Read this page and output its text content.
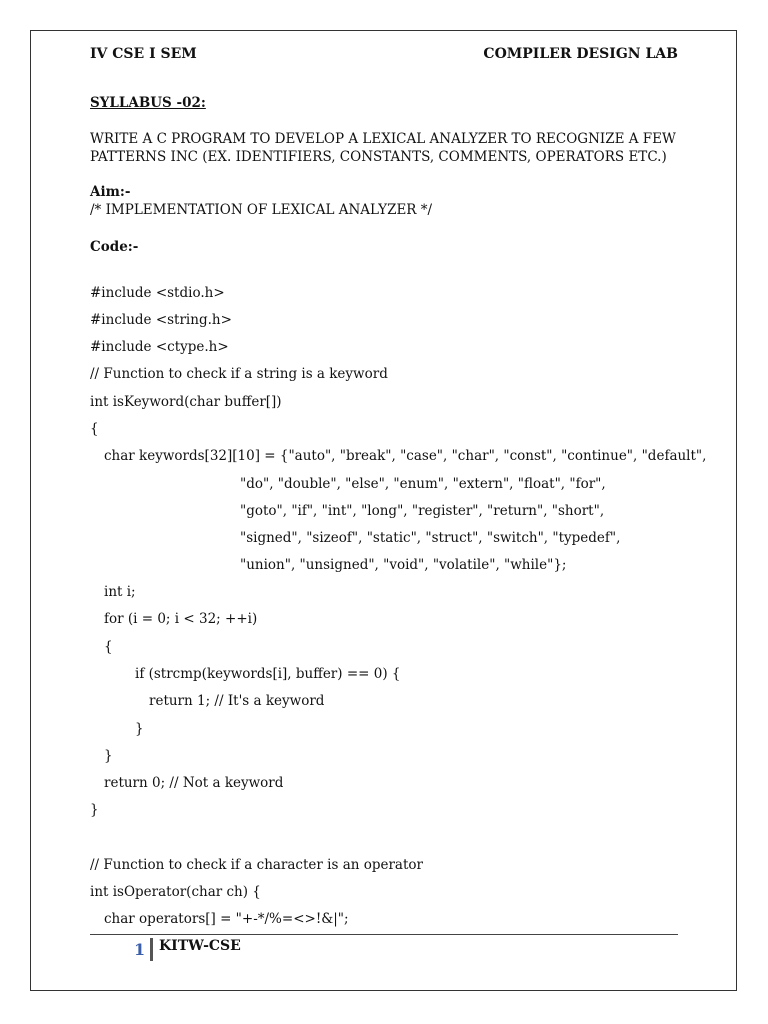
IV CSE I SEM	COMPILER DESIGN LAB
SYLLABUS -02:
WRITE A C PROGRAM TO DEVELOP A LEXICAL ANALYZER TO RECOGNIZE A FEW PATTERNS INC (EX. IDENTIFIERS, CONSTANTS, COMMENTS, OPERATORS ETC.)
Aim:-
/* IMPLEMENTATION OF LEXICAL ANALYZER */
Code:-
#include <stdio.h>
#include <string.h>
#include <ctype.h>
// Function to check if a string is a keyword
int isKeyword(char buffer[])
{
char keywords[32][10] = {"auto", "break", "case", "char", "const", "continue", "default",
"do", "double", "else", "enum", "extern", "float", "for",
"goto", "if", "int", "long", "register", "return", "short",
"signed", "sizeof", "static", "struct", "switch", "typedef",
"union", "unsigned", "void", "volatile", "while"};
int i;
for (i = 0; i < 32; ++i)
{
if (strcmp(keywords[i], buffer) == 0) {
return 1; // It's a keyword
}
}
return 0; // Not a keyword
}
// Function to check if a character is an operator
int isOperator(char ch) {
char operators[] = "+-*/%=<>!&|";
1 KITW-CSE
